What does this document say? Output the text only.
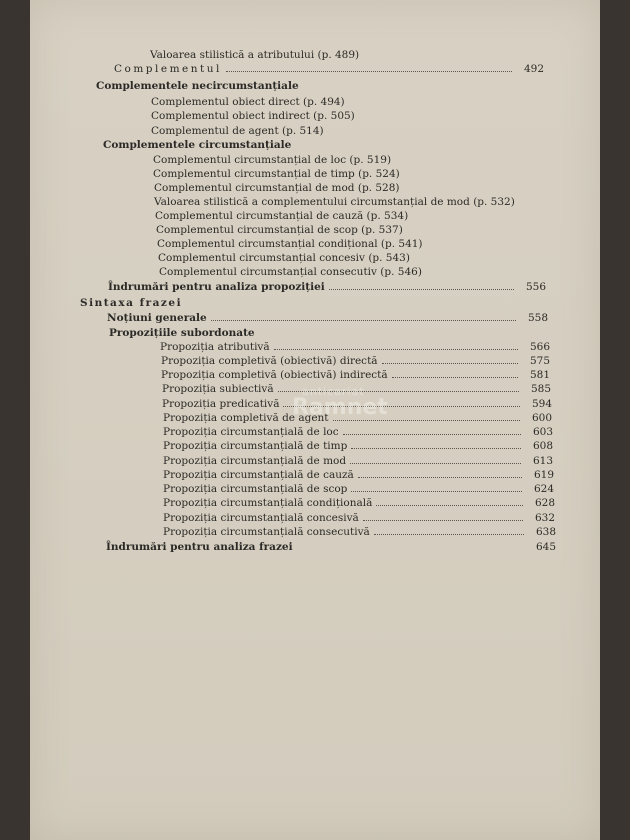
Valoarea stilistică a atributului (p. 489)
Complementul	492
Complementele necircumstanțiale
Complementul obiect direct (p. 494)
Complementul obiect indirect (p. 505)
Complementul de agent (p. 514)
Complementele circumstanțiale
Complementul circumstanțial de loc (p. 519)
Complementul circumstanțial de timp (p. 524)
Complementul circumstanțial de mod (p. 528)
Valoarea stilistică a complementului circumstanțial de mod (p. 532)
Complementul circumstanțial de cauză (p. 534)
Complementul circumstanțial de scop (p. 537)
Complementul circumstanțial condițional (p. 541)
Complementul circumstanțial concesiv (p. 543)
Complementul circumstanțial consecutiv (p. 546)
Îndrumări pentru analiza propoziției	556
Sintaxa frazei
Noțiuni generale	558
Propozițiile subordonate
Propoziția atributivă	566
Propoziția completivă (obiectivă) directă	575
Propoziția completivă (obiectivă) indirectă	581
Propoziția subiectivă	585
Propoziția predicativă	594
Propoziția completivă de agent	600
Propoziția circumstanțială de loc	603
Propoziția circumstanțială de timp	608
Propoziția circumstanțială de mod	613
Propoziția circumstanțială de cauză	619
Propoziția circumstanțială de scop	624
Propoziția circumstanțială condițională	628
Propoziția circumstanțială concesivă	632
Propoziția circumstanțială consecutivă	638
Îndrumări pentru analiza frazei	645
anticariat
Ramnet
